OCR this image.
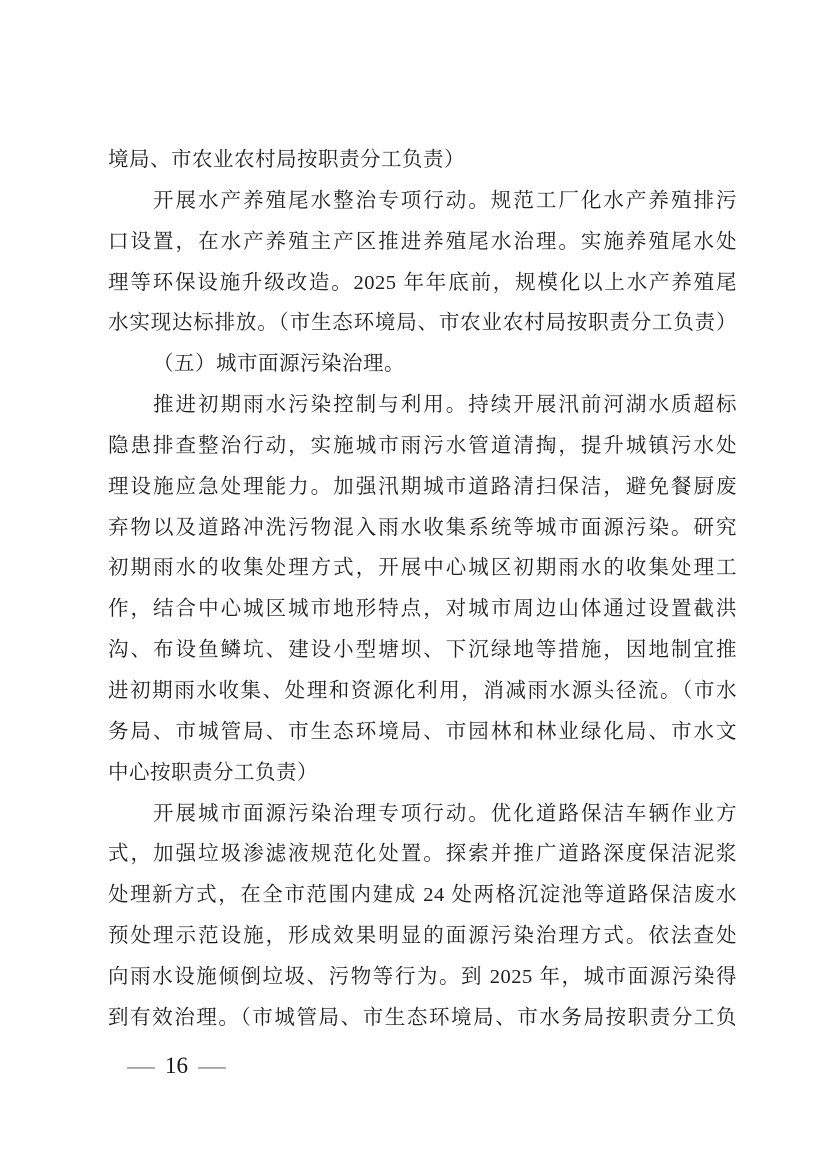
境局、市农业农村局按职责分工负责）
开展水产养殖尾水整治专项行动。规范工厂化水产养殖排污
口设置，在水产养殖主产区推进养殖尾水治理。实施养殖尾水处
理等环保设施升级改造。2025 年年底前，规模化以上水产养殖尾
水实现达标排放。（市生态环境局、市农业农村局按职责分工负责）
（五）城市面源污染治理。
推进初期雨水污染控制与利用。持续开展汛前河湖水质超标
隐患排查整治行动，实施城市雨污水管道清掏，提升城镇污水处
理设施应急处理能力。加强汛期城市道路清扫保洁，避免餐厨废
弃物以及道路冲洗污物混入雨水收集系统等城市面源污染。研究
初期雨水的收集处理方式，开展中心城区初期雨水的收集处理工
作，结合中心城区城市地形特点，对城市周边山体通过设置截洪
沟、布设鱼鳞坑、建设小型塘坝、下沉绿地等措施，因地制宜推
进初期雨水收集、处理和资源化利用，消减雨水源头径流。（市水
务局、市城管局、市生态环境局、市园林和林业绿化局、市水文
中心按职责分工负责）
开展城市面源污染治理专项行动。优化道路保洁车辆作业方
式，加强垃圾渗滤液规范化处置。探索并推广道路深度保洁泥浆
处理新方式，在全市范围内建成 24 处两格沉淀池等道路保洁废水
预处理示范设施，形成效果明显的面源污染治理方式。依法查处
向雨水设施倾倒垃圾、污物等行为。到 2025 年，城市面源污染得
到有效治理。（市城管局、市生态环境局、市水务局按职责分工负
— 16 —
